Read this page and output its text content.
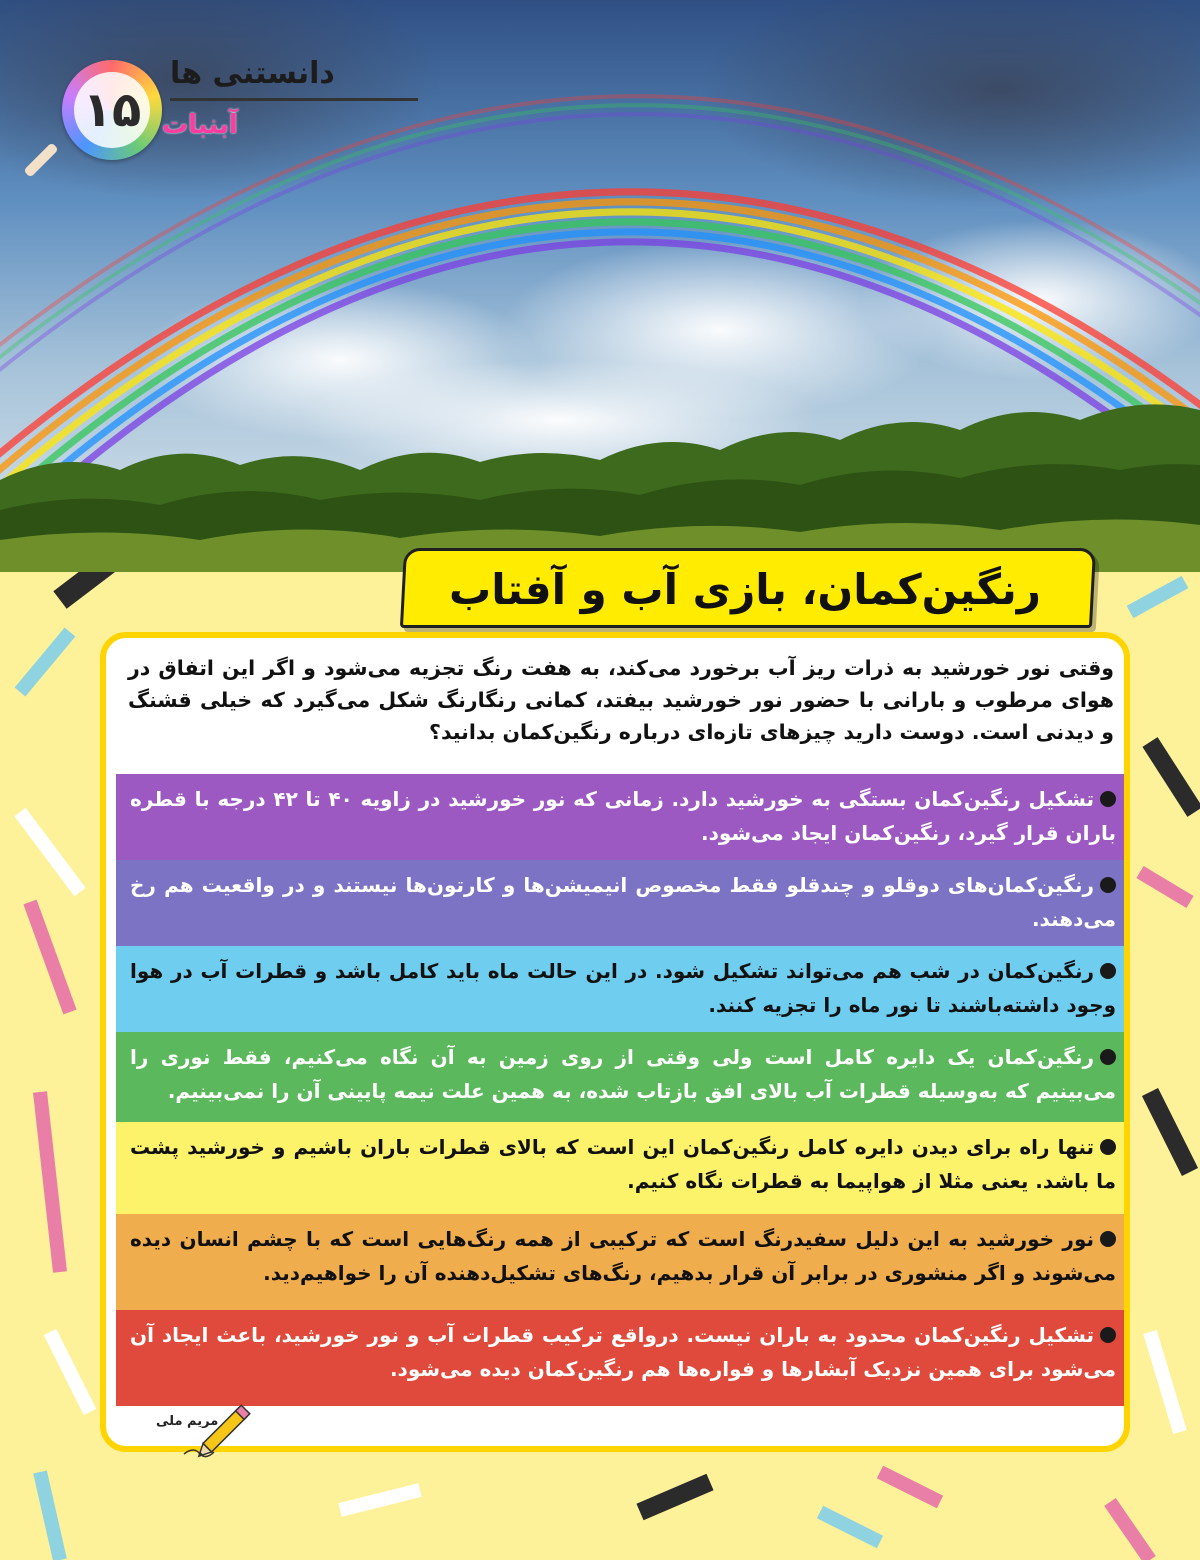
۱۵
دانستنی ها
آبنبات
رنگین‌کمان، بازی آب و آفتاب
وقتی نور خورشید به ذرات ریز آب برخورد می‌کند، به هفت رنگ تجزیه می‌شود و اگر این اتفاق در هوای مرطوب و بارانی با حضور نور خورشید بیفتد، کمانی رنگارنگ شکل می‌گیرد که خیلی قشنگ و دیدنی است. دوست دارید چیزهای تازه‌ای درباره رنگین‌کمان بدانید؟
تشکیل رنگین‌کمان بستگی به خورشید دارد. زمانی که نور خورشید در زاویه ۴۰ تا ۴۲ درجه با قطره باران قرار گیرد، رنگین‌کمان ایجاد می‌شود.
رنگین‌کمان‌های دوقلو و چندقلو فقط مخصوص انیمیشن‌ها و کارتون‌ها نیستند و در واقعیت هم رخ می‌دهند.
رنگین‌کمان در شب هم می‌تواند تشکیل شود. در این حالت ماه باید کامل باشد و قطرات آب در هوا وجود داشته‌باشند تا نور ماه را تجزیه کنند.
رنگین‌کمان یک دایره کامل است ولی وقتی از روی زمین به آن نگاه می‌کنیم، فقط نوری را می‌بینیم که به‌وسیله قطرات آب بالای افق بازتاب شده، به همین علت نیمه پایینی آن را نمی‌بینیم.
تنها راه برای دیدن دایره کامل رنگین‌کمان این است که بالای قطرات باران باشیم و خورشید پشت ما باشد. یعنی مثلا از هواپیما به قطرات نگاه کنیم.
نور خورشید به این دلیل سفیدرنگ است که ترکیبی از همه رنگ‌هایی است که با چشم انسان دیده می‌شوند و اگر منشوری در برابر آن قرار بدهیم، رنگ‌های تشکیل‌دهنده آن را خواهیم‌دید.
تشکیل رنگین‌کمان محدود به باران نیست. درواقع ترکیب قطرات آب و نور خورشید، باعث ایجاد آن می‌شود برای همین نزدیک آبشارها و فواره‌ها هم رنگین‌کمان دیده می‌شود.
مریم ملی
